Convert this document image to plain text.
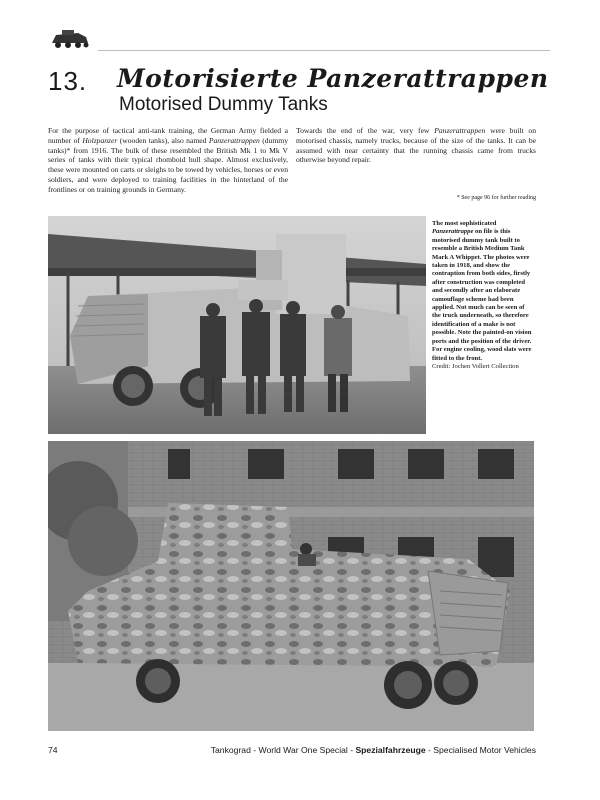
13. Motorisierte Panzerattrappen
Motorised Dummy Tanks
For the purpose of tactical anti-tank training, the German Army fielded a number of Holzpanzer (wooden tanks), also named Panzerattrappen (dummy tanks)* from 1916. The bulk of these resembled the British Mk 1 to Mk V series of tanks with their typical rhomboid hull shape. Almost exclusively, these were mounted on carts or sleighs to be towed by vehicles, horses or even soldiers, and were deployed to training facilities in the hinterland of the frontlines or on training grounds in Germany.
Towards the end of the war, very few Panzerattrappen were built on motorised chassis, namely trucks, because of the size of the tanks. It can be assumed with near certainty that the running chassis came from trucks otherwise beyond repair.
* See page 96 for further reading
The most sophisticated Panzerattrappe on file is this motorised dummy tank built to resemble a British Medium Tank Mark A Whippet. The photos were taken in 1918, and show the contraption from both sides, firstly after construction was completed and secondly after an elaborate camouflage scheme had been applied. Not much can be seen of the truck underneath, so therefore identification of a make is not possible. Note the painted-on vision ports and the position of the driver. For engine cooling, wood slats were fitted to the front.
Credit: Jochen Vollert Collection
74	Tankograd - World War One Special - Spezialfahrzeuge - Specialised Motor Vehicles
